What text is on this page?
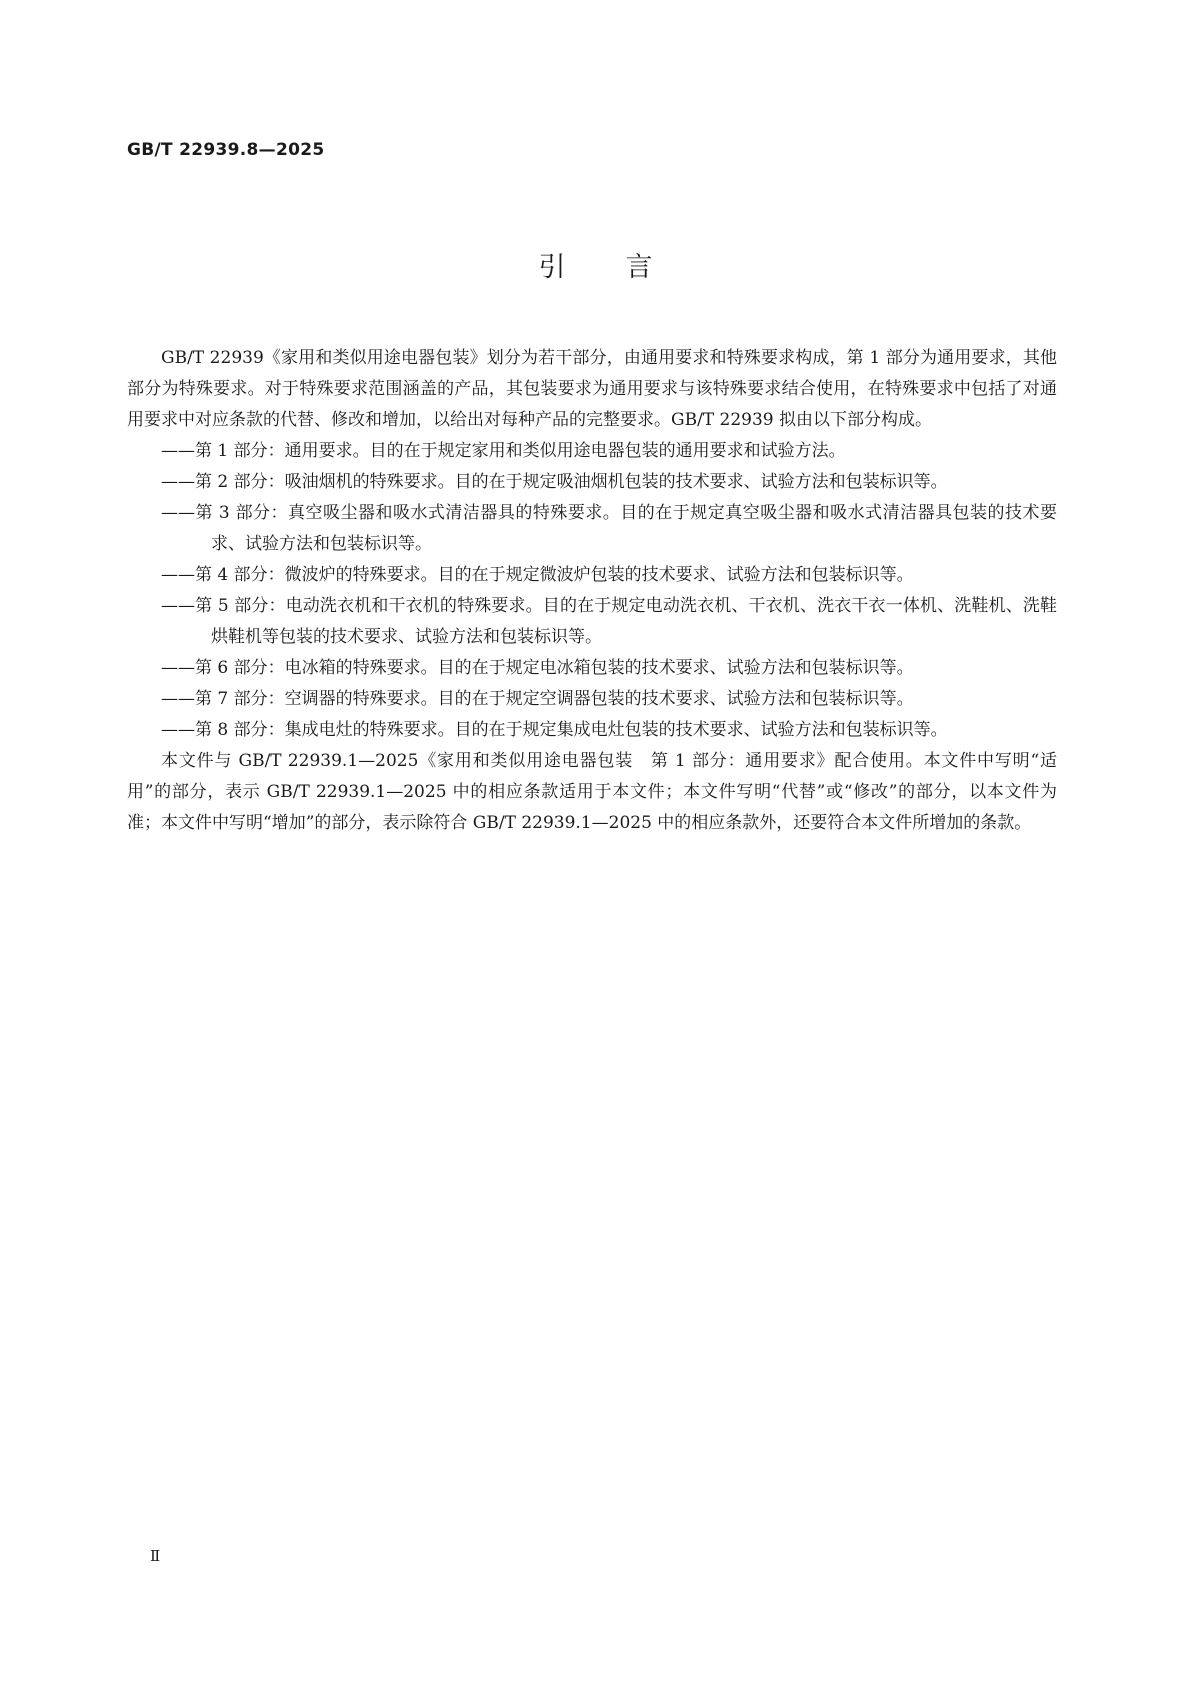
GB/T 22939.8—2025
引言

GB/T 22939《家用和类似用途电器包装》划分为若干部分，由通用要求和特殊要求构成，第 1 部分为通用要求，其他部分为特殊要求。对于特殊要求范围涵盖的产品，其包装要求为通用要求与该特殊要求结合使用，在特殊要求中包括了对通用要求中对应条款的代替、修改和增加，以给出对每种产品的完整要求。GB/T 22939 拟由以下部分构成。

——第 1 部分：通用要求。目的在于规定家用和类似用途电器包装的通用要求和试验方法。

——第 2 部分：吸油烟机的特殊要求。目的在于规定吸油烟机包装的技术要求、试验方法和包装标识等。

——第 3 部分：真空吸尘器和吸水式清洁器具的特殊要求。目的在于规定真空吸尘器和吸水式清洁器具包装的技术要求、试验方法和包装标识等。

——第 4 部分：微波炉的特殊要求。目的在于规定微波炉包装的技术要求、试验方法和包装标识等。

——第 5 部分：电动洗衣机和干衣机的特殊要求。目的在于规定电动洗衣机、干衣机、洗衣干衣一体机、洗鞋机、洗鞋烘鞋机等包装的技术要求、试验方法和包装标识等。

——第 6 部分：电冰箱的特殊要求。目的在于规定电冰箱包装的技术要求、试验方法和包装标识等。

——第 7 部分：空调器的特殊要求。目的在于规定空调器包装的技术要求、试验方法和包装标识等。

——第 8 部分：集成电灶的特殊要求。目的在于规定集成电灶包装的技术要求、试验方法和包装标识等。

本文件与 GB/T 22939.1—2025《家用和类似用途电器包装　第 1 部分：通用要求》配合使用。本文件中写明“适用”的部分，表示 GB/T 22939.1—2025 中的相应条款适用于本文件；本文件写明“代替”或“修改”的部分，以本文件为准；本文件中写明“增加”的部分，表示除符合 GB/T 22939.1—2025 中的相应条款外，还要符合本文件所增加的条款。

Ⅱ
